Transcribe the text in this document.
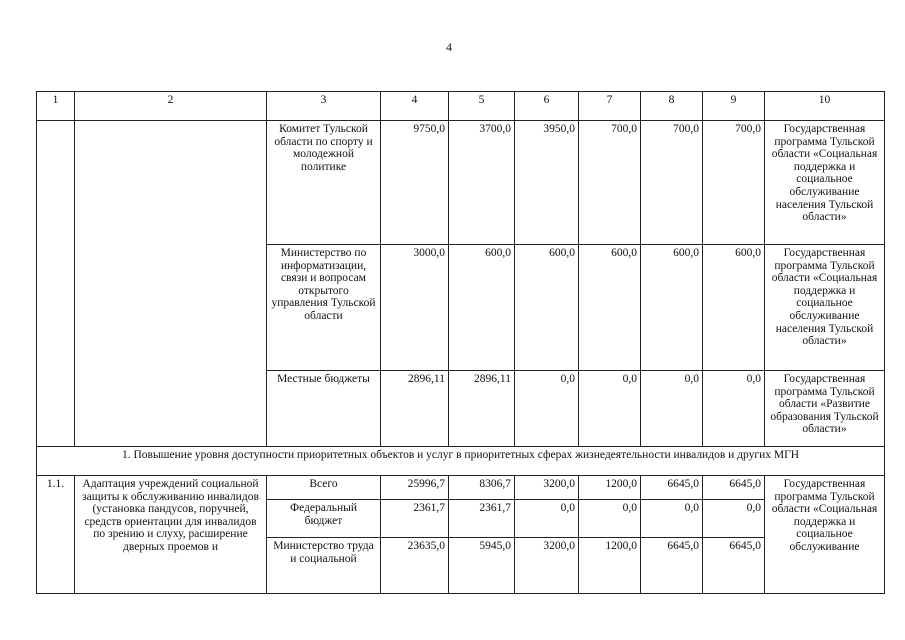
4
1	2	3	4	5	6	7	8	9	10
		Комитет Тульской области по спорту и молодежной политике	9750,0	3700,0	3950,0	700,0	700,0	700,0	Государственная программа Тульской области «Социальная поддержка и социальное обслуживание населения Тульской области»
		Министерство по информатизации, связи и вопросам открытого управления Тульской области	3000,0	600,0	600,0	600,0	600,0	600,0	Государственная программа Тульской области «Социальная поддержка и социальное обслуживание населения Тульской области»
		Местные бюджеты	2896,11	2896,11	0,0	0,0	0,0	0,0	Государственная программа Тульской области «Развитие образования Тульской области»
1. Повышение уровня доступности приоритетных объектов и услуг в приоритетных сферах жизнедеятельности инвалидов и других МГН									
1.1.	Адаптация учреждений социальной защиты к обслуживанию инвалидов (установка пандусов, поручней, средств ориентации для инвалидов по зрению и слуху, расширение дверных проемов и	Всего	25996,7	8306,7	3200,0	1200,0	6645,0	6645,0	Государственная программа Тульской области «Социальная поддержка и социальное обслуживание
		Федеральный бюджет	2361,7	2361,7	0,0	0,0	0,0	0,0	
		Министерство труда и социальной	23635,0	5945,0	3200,0	1200,0	6645,0	6645,0	
